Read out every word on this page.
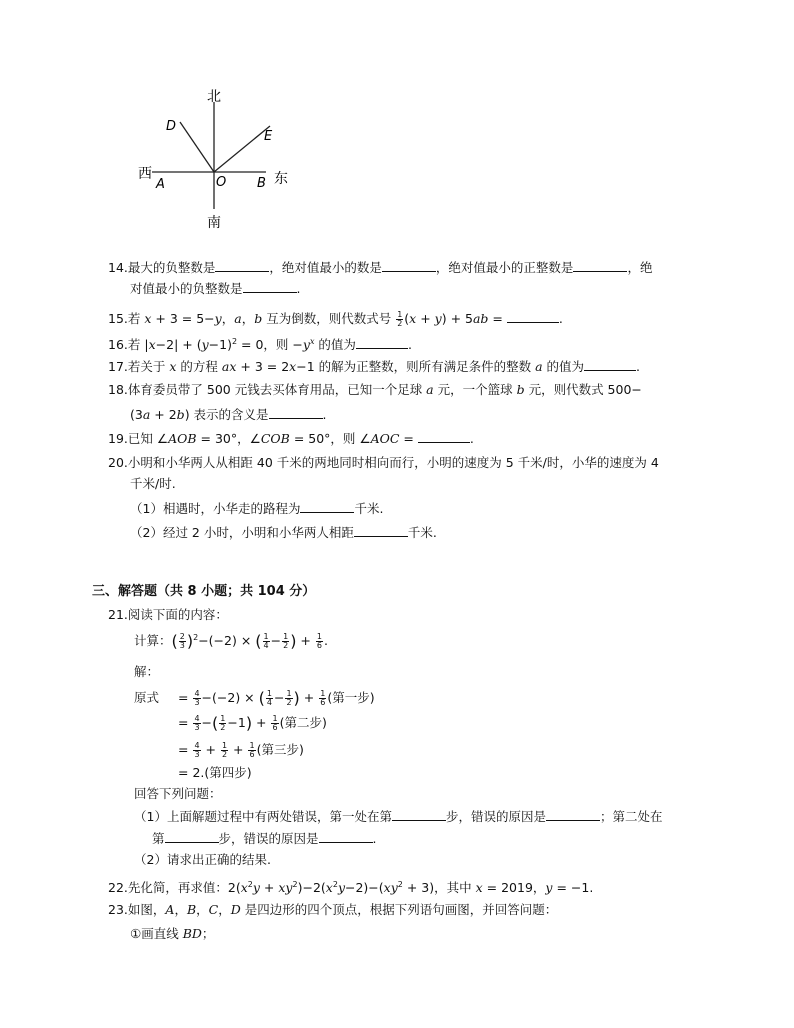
北
南
西	东
A	O B
D
E
14.最大的负整数是	，绝对值最小的数是	，绝对值最小的正整数是	，绝
对值最小的负整数是	.
15.若 x + 3 = 5−y，a，b 互为倒数，则代数式号 $\frac{1}{2} (x + y) + 5ab$ =	.
16.若 $|x-2| + (y-1)^2 = 0$，则 $-y^x$ 的值为	.
17.若关于 x 的方程 ax + 3 = 2x−1 的解为正整数，则所有满足条件的整数 a 的值为	.
18.体育委员带了 500 元钱去买体育用品，已知一个足球 a 元，一个篮球 b 元，则代数式 500−
(3a + 2b) 表示的含义是	.
19.已知 ∠AOB = 30°，∠COB = 50°，则 ∠AOC =	.
20.小明和小华两人从相距 40 千米的两地同时相向而行，小明的速度为 5 千米/时，小华的速度为 4
千米/时.
（1）相遇时，小华走的路程为	千米.
（2）经过 2 小时，小明和小华两人相距	千米.
三、解答题（共 8 小题；共 104 分）
21.阅读下面的内容：
计算：( $\frac{2}{3} )^2-(-2)$ × ( $\frac{1}{4} - \frac{1}{2}$ ) + $\frac{1}{6}$ .
解：
原式 = $\frac{4}{3} -(-2)$ × ( $\frac{1}{4} - \frac{1}{2}$ ) + $\frac{1}{6}$ (第一步)
= $\frac{4}{3}$ −( $\frac{1}{2} -1) + \frac{1}{6}$ (第二步)
= $\frac{4}{3} + \frac{1}{2} + \frac{1}{6}$ (第三步)
= 2.(第四步)
回答下列问题：
（1）上面解题过程中有两处错误，第一处在第	步，错误的原因是	；第二处在
第	步，错误的原因是	.
（2）请求出正确的结果.
22.先化简，再求值：$2(x^2y + xy^2)-2(x^2y-2)-(xy^2 + 3)$，其中 x = 2019，y = −1.
23.如图，A，B，C，D 是四边形的四个顶点，根据下列语句画图，并回答问题：
①画直线 BD；
